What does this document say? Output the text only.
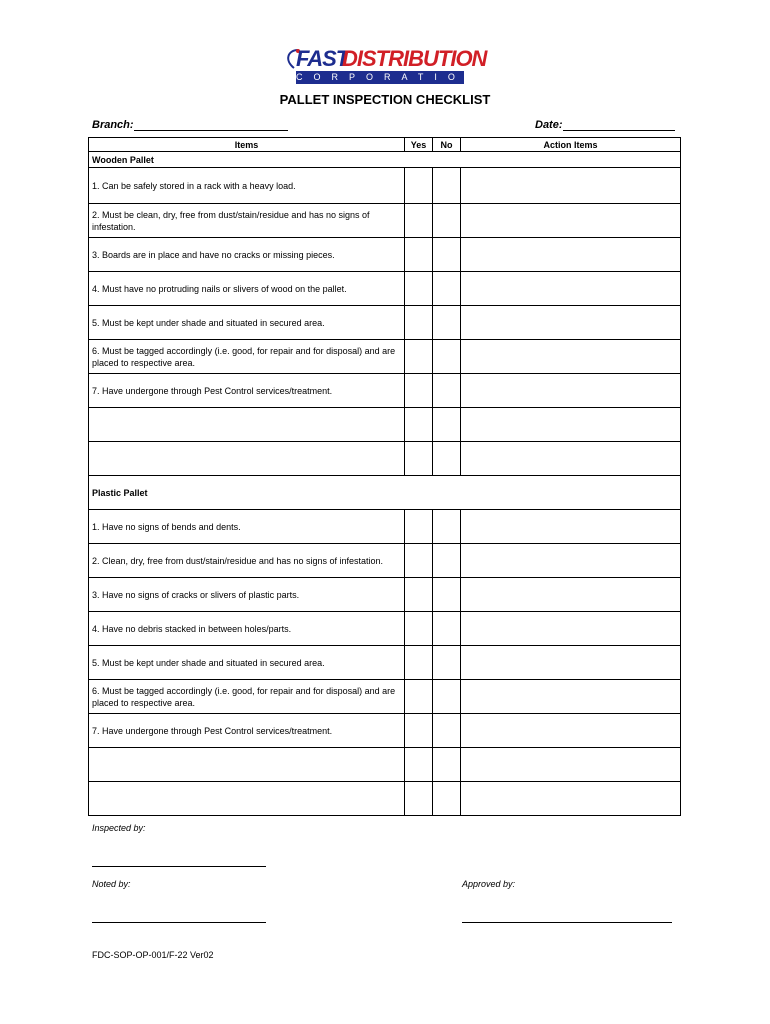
FAST
DISTRIBUTION
CORPORATION
PALLET INSPECTION CHECKLIST
Branch:	Date:
Items	Yes	No	Action Items
Wooden Pallet			
1. Can be safely stored in a rack with a heavy load.			
2. Must be clean, dry, free from dust/stain/residue and has no signs of infestation.			
3. Boards are in place and have no cracks or missing pieces.			
4. Must have no protruding nails or slivers of wood on the pallet.			
5. Must be kept under shade and situated in secured area.			
6. Must be tagged accordingly (i.e. good, for repair and for disposal) and are placed to respective area.			
7. Have undergone through Pest Control services/treatment.			

Plastic Pallet			
1. Have no signs of bends and dents.			
2. Clean, dry, free from dust/stain/residue and has no signs of infestation.			
3. Have no signs of cracks or slivers of plastic parts.			
4. Have no debris stacked in between holes/parts.			
5. Must be kept under shade and situated in secured area.			
6. Must be tagged accordingly (i.e. good, for repair and for disposal) and are placed to respective area.			
7. Have undergone through Pest Control services/treatment.			

Inspected by:
Noted by:	Approved by:
FDC-SOP-OP-001/F-22 Ver02
